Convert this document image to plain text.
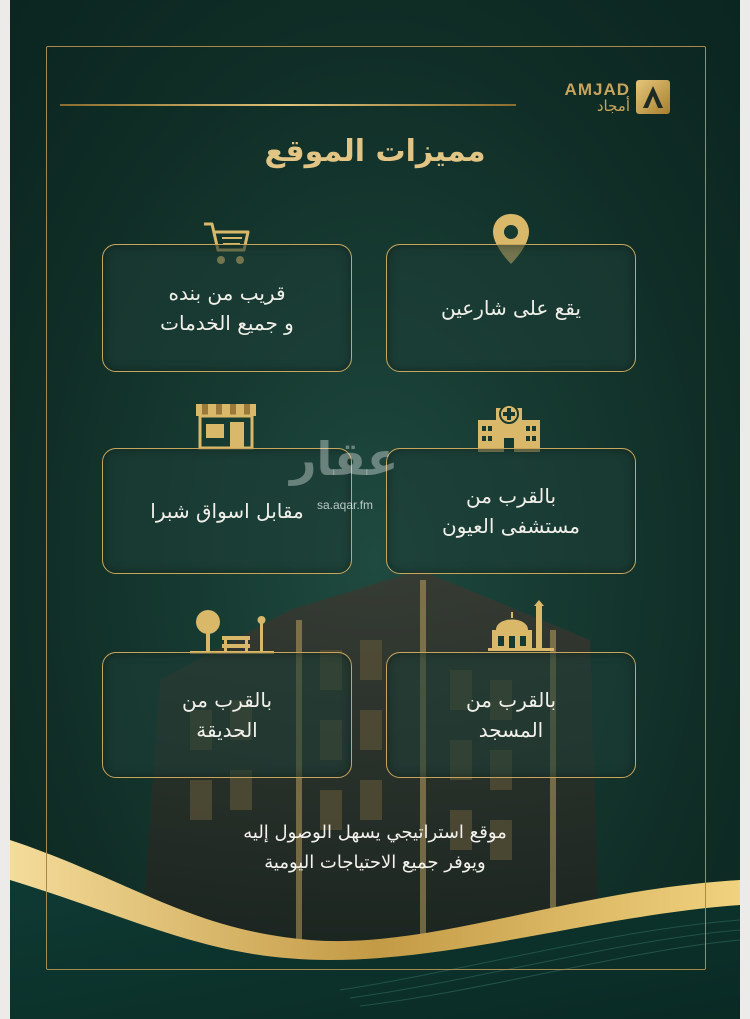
AMJAD
أمجاد
مميزات الموقع
قريب من بنده
و جميع الخدمات
يقع على شارعين
مقابل اسواق شبرا
بالقرب من
مستشفى العيون
بالقرب من
الحديقة
بالقرب من
المسجد
موقع استراتيجي يسهل الوصول إليه
ويوفر جميع الاحتياجات اليومية
عقار
sa.aqar.fm
